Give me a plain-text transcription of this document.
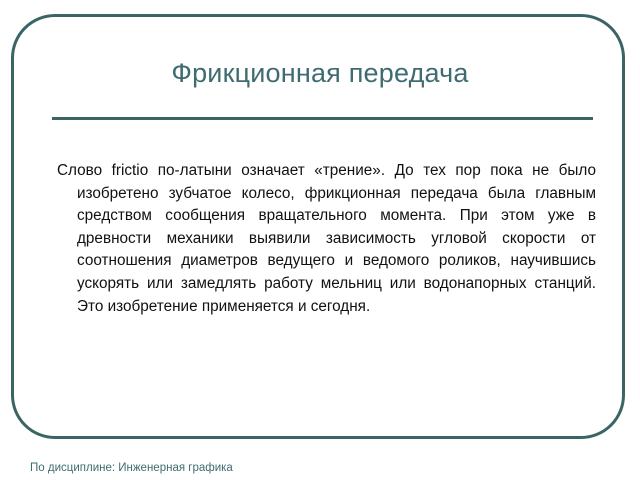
Фрикционная передача

Слово frictio по-латыни означает «трение». До тех пор пока не было изобретено зубчатое колесо, фрикционная передача была главным средством сообщения вращательного момента. При этом уже в древности механики выявили зависимость угловой скорости от соотношения диаметров ведущего и ведомого роликов, научившись ускорять или замедлять работу мельниц или водонапорных станций. Это изобретение применяется и сегодня.

По дисциплине: Инженерная графика
